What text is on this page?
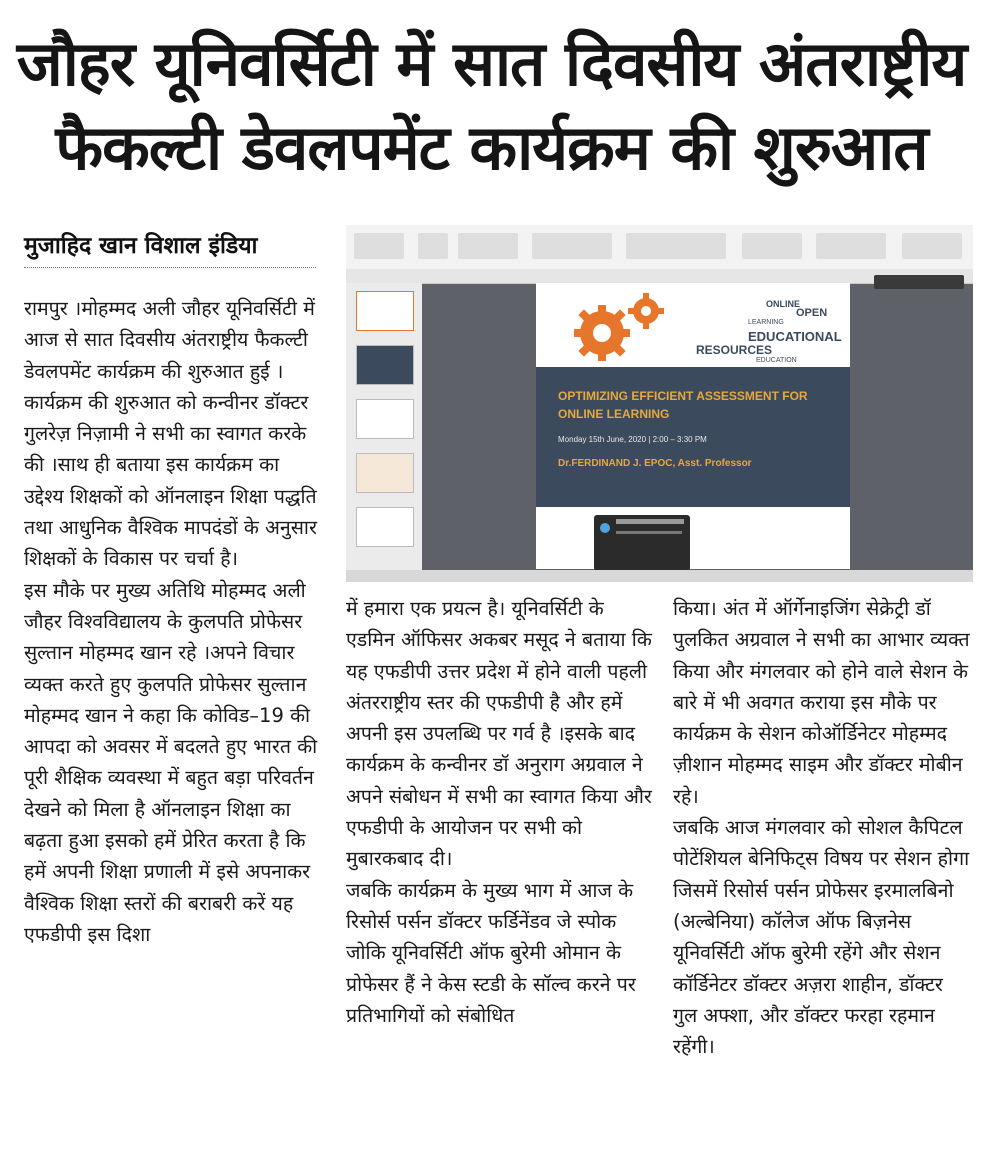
जौहर यूनिवर्सिटी में सात दिवसीय अंतराष्ट्रीय
फैकल्टी डेवलपमेंट कार्यक्रम की शुरुआत
मुजाहिद खान विशाल इंडिया

रामपुर ।मोहम्मद अली जौहर यूनिवर्सिटी में आज से सात दिवसीय अंतराष्ट्रीय फैकल्टी डेवलपमेंट कार्यक्रम की शुरुआत हुई ।कार्यक्रम की शुरुआत को कन्वीनर डॉक्टर गुलरेज़ निज़ामी ने सभी का स्वागत करके की ।साथ ही बताया इस कार्यक्रम का उद्देश्य शिक्षकों को ऑनलाइन शिक्षा पद्धति तथा आधुनिक वैश्विक मापदंडों के अनुसार शिक्षकों के विकास पर चर्चा है।

इस मौके पर मुख्य अतिथि मोहम्मद अली जौहर विश्वविद्यालय के कुलपति प्रोफेसर सुल्तान मोहम्मद खान रहे ।अपने विचार व्यक्त करते हुए कुलपति प्रोफेसर सुल्तान मोहम्मद खान ने कहा कि कोविड–19 की आपदा को अवसर में बदलते हुए भारत की पूरी शैक्षिक व्यवस्था में बहुत बड़ा परिवर्तन देखने को मिला है ऑनलाइन शिक्षा का बढ़ता हुआ इसको हमें प्रेरित करता है कि हमें अपनी शिक्षा प्रणाली में इसे अपनाकर वैश्विक शिक्षा स्तरों की बराबरी करें यह एफडीपी इस दिशा

ONLINE
OPEN
LEARNING
EDUCATIONAL
RESOURCES
EDUCATION
OPTIMIZING EFFICIENT ASSESSMENT FOR ONLINE LEARNING
Monday 15th June, 2020 | 2:00 – 3:30 PM
Dr.FERDINAND J. EPOC, Asst. Professor

में हमारा एक प्रयत्न है। यूनिवर्सिटी के एडमिन ऑफिसर अकबर मसूद ने बताया कि यह एफडीपी उत्तर प्रदेश में होने वाली पहली अंतरराष्ट्रीय स्तर की एफडीपी है और हमें अपनी इस उपलब्धि पर गर्व है ।इसके बाद कार्यक्रम के कन्वीनर डॉ अनुराग अग्रवाल ने अपने संबोधन में सभी का स्वागत किया और एफडीपी के आयोजन पर सभी को मुबारकबाद दी।

जबकि कार्यक्रम के मुख्य भाग में आज के रिसोर्स पर्सन डॉक्टर फर्डिनेंडव जे स्पोक जोकि यूनिवर्सिटी ऑफ बुरेमी ओमान के प्रोफेसर हैं ने केस स्टडी के सॉल्व करने पर प्रतिभागियों को संबोधित

किया। अंत में ऑर्गेनाइजिंग सेक्रेट्री डॉ पुलकित अग्रवाल ने सभी का आभार व्यक्त किया और मंगलवार को होने वाले सेशन के बारे में भी अवगत कराया इस मौके पर कार्यक्रम के सेशन कोऑर्डिनेटर मोहम्मद ज़ीशान मोहम्मद साइम और डॉक्टर मोबीन रहे।

जबकि आज मंगलवार को सोशल कैपिटल पोटेंशियल बेनिफिट्स विषय पर सेशन होगा जिसमें रिसोर्स पर्सन प्रोफेसर इरमालबिनो (अल्बेनिया) कॉलेज ऑफ बिज़नेस यूनिवर्सिटी ऑफ बुरेमी रहेंगे और सेशन कॉर्डिनेटर डॉक्टर अज़रा शाहीन, डॉक्टर गुल अफ्शा, और डॉक्टर फरहा रहमान रहेंगी।
